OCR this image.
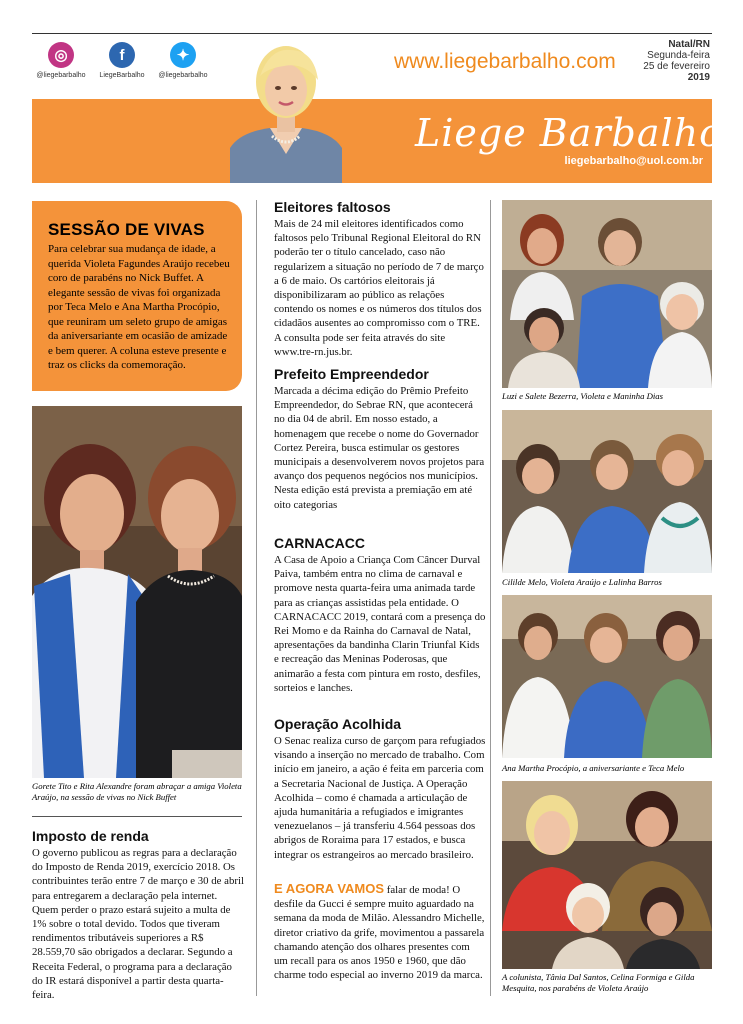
◎
@liegebarbalho
f
LiegeBarbalho
✦
@liegebarbalho
www.liegebarbalho.com
Natal/RN
Segunda-feira
25 de fevereiro
2019
Liege Barbalho
liegebarbalho@uol.com.br
SESSÃO DE VIVAS

Para celebrar sua mudança de idade, a querida Violeta Fagundes Araújo recebeu coro de parabéns no Nick Buffet. A elegante sessão de vivas foi organizada por Teca Melo e Ana Martha Procópio, que reuniram um seleto grupo de amigas da aniversariante em ocasião de amizade e bem querer. A coluna esteve presente e traz os clicks da comemoração.

Gorete Tito e Rita Alexandre foram abraçar a amiga Violeta Araújo, na sessão de vivas no Nick Buffet
Imposto de renda

O governo publicou as regras para a declaração do Imposto de Renda 2019, exercício 2018. Os contribuintes terão entre 7 de março e 30 de abril para entregarem a declaração pela internet. Quem perder o prazo estará sujeito a multa de 1% sobre o total devido. Todos que tiveram rendimentos tributáveis superiores a R$ 28.559,70 são obrigados a declarar. Segundo a Receita Federal, o programa para a declaração do IR estará disponível a partir desta quarta-feira.

Eleitores faltosos

Mais de 24 mil eleitores identificados como faltosos pelo Tribunal Regional Eleitoral do RN poderão ter o título cancelado, caso não regularizem a situação no período de 7 de março a 6 de maio. Os cartórios eleitorais já disponibilizaram ao público as relações contendo os nomes e os números dos títulos dos cidadãos ausentes ao compromisso com o TRE. A consulta pode ser feita através do site www.tre-rn.jus.br.

Prefeito Empreendedor

Marcada a décima edição do Prêmio Prefeito Empreendedor, do Sebrae RN, que acontecerá no dia 04 de abril. Em nosso estado, a homenagem que recebe o nome do Governador Cortez Pereira, busca estimular os gestores municipais a desenvolverem novos projetos para avanço dos pequenos negócios nos municípios. Nesta edição está prevista a premiação em até oito categorias

CARNACACC

A Casa de Apoio a Criança Com Câncer Durval Paiva, também entra no clima de carnaval e promove nesta quarta-feira uma animada tarde para as crianças assistidas pela entidade. O CARNACACC 2019, contará com a presença do Rei Momo e da Rainha do Carnaval de Natal, apresentações da bandinha Clarin Triunfal Kids e recreação das Meninas Poderosas, que animarão a festa com pintura em rosto, desfiles, sorteios e lanches.

Operação Acolhida

O Senac realiza curso de garçom para refugiados visando a inserção no mercado de trabalho. Com início em janeiro, a ação é feita em parceria com a Secretaria Nacional de Justiça. A Operação Acolhida – como é chamada a articulação de ajuda humanitária a refugiados e imigrantes venezuelanos – já transferiu 4.564 pessoas dos abrigos de Roraima para 17 estados, e busca integrar os estrangeiros ao mercado brasileiro.

E AGORA VAMOS falar de moda! O desfile da Gucci é sempre muito aguardado na semana da moda de Milão. Alessandro Michelle, diretor criativo da grife, movimentou a passarela chamando atenção dos olhares presentes com um recall para os anos 1950 e 1960, que dão charme todo especial ao inverno 2019 da marca.

Luzi e Salete Bezerra, Violeta e Maninha Dias
Cililde Melo, Violeta Araújo e Lalinha Barros
Ana Martha Procópio, a aniversariante e Teca Melo
A colunista, Tânia Dal Santos, Celina Formiga e Gilda Mesquita, nos parabéns de Violeta Araújo
